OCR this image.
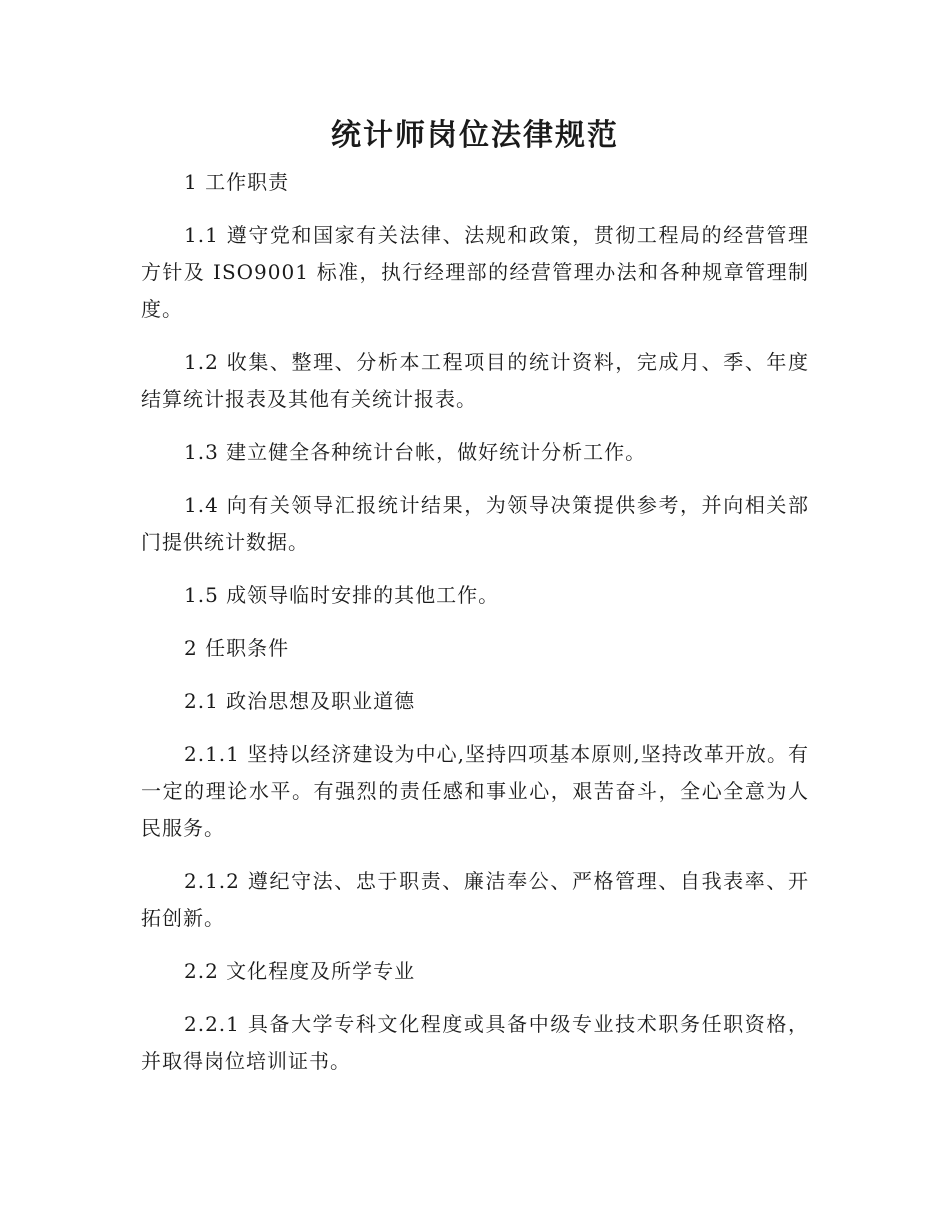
统计师岗位法律规范

1 工作职责

1.1 遵守党和国家有关法律、法规和政策，贯彻工程局的经营管理方针及 ISO9001 标准，执行经理部的经营管理办法和各种规章管理制度。

1.2 收集、整理、分析本工程项目的统计资料，完成月、季、年度结算统计报表及其他有关统计报表。

1.3 建立健全各种统计台帐，做好统计分析工作。

1.4 向有关领导汇报统计结果，为领导决策提供参考，并向相关部门提供统计数据。

1.5 成领导临时安排的其他工作。

2 任职条件

2.1 政治思想及职业道德

2.1.1 坚持以经济建设为中心,坚持四项基本原则,坚持改革开放。有一定的理论水平。有强烈的责任感和事业心，艰苦奋斗，全心全意为人民服务。

2.1.2 遵纪守法、忠于职责、廉洁奉公、严格管理、自我表率、开拓创新。

2.2 文化程度及所学专业

2.2.1 具备大学专科文化程度或具备中级专业技术职务任职资格，并取得岗位培训证书。
